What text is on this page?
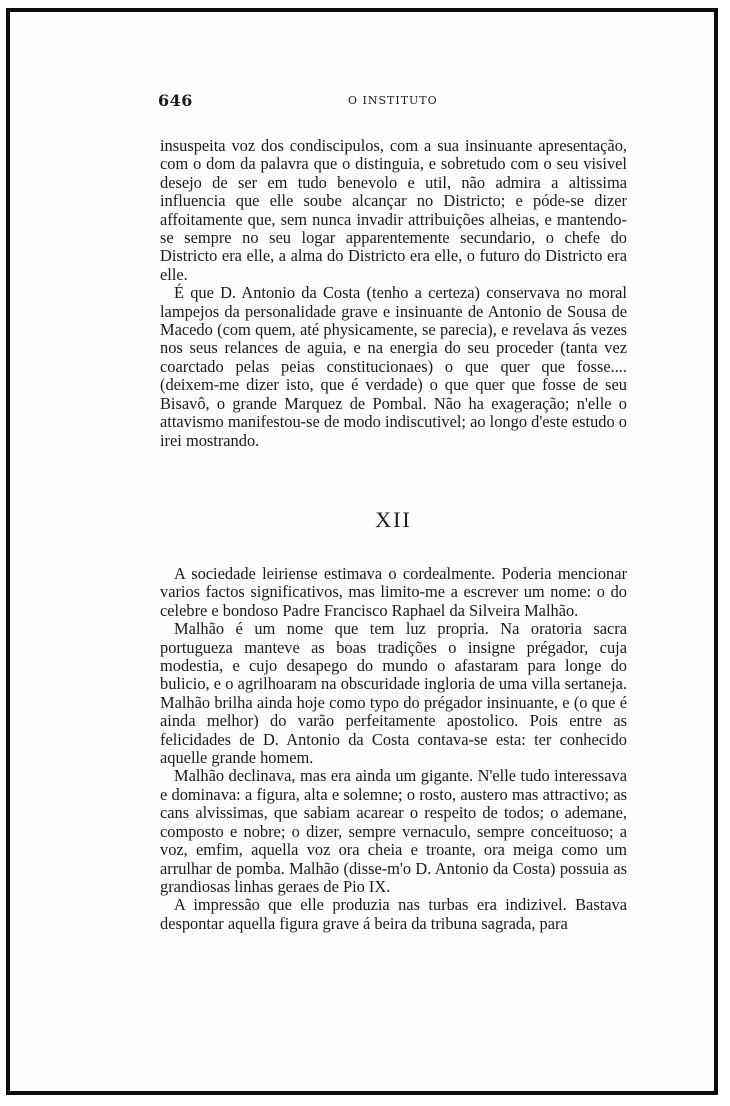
646	O INSTITUTO

insuspeita voz dos condiscipulos, com a sua insinuante apresentação, com o dom da palavra que o distinguia, e sobretudo com o seu visivel desejo de ser em tudo benevolo e util, não admira a altissima influencia que elle soube alcançar no Districto; e póde-se dizer affoitamente que, sem nunca invadir attribuições alheias, e mantendo-se sempre no seu logar apparentemente secundario, o chefe do Districto era elle, a alma do Districto era elle, o futuro do Districto era elle.

É que D. Antonio da Costa (tenho a certeza) conservava no moral lampejos da personalidade grave e insinuante de Antonio de Sousa de Macedo (com quem, até physicamente, se parecia), e revelava ás vezes nos seus relances de aguia, e na energia do seu proceder (tanta vez coarctado pelas peias constitucionaes) o que quer que fosse.... (deixem-me dizer isto, que é verdade) o que quer que fosse de seu Bisavô, o grande Marquez de Pombal. Não ha exageração; n'elle o attavismo manifestou-se de modo indiscutivel; ao longo d'este estudo o irei mostrando.

XII

A sociedade leiriense estimava o cordealmente. Poderia mencionar varios factos significativos, mas limito-me a escrever um nome: o do celebre e bondoso Padre Francisco Raphael da Silveira Malhão.

Malhão é um nome que tem luz propria. Na oratoria sacra portugueza manteve as boas tradições o insigne prégador, cuja modestia, e cujo desapego do mundo o afastaram para longe do bulicio, e o agrilhoaram na obscuridade ingloria de uma villa sertaneja. Malhão brilha ainda hoje como typo do prégador insinuante, e (o que é ainda melhor) do varão perfeitamente apostolico. Pois entre as felicidades de D. Antonio da Costa contava-se esta: ter conhecido aquelle grande homem.

Malhão declinava, mas era ainda um gigante. N'elle tudo interessava e dominava: a figura, alta e solemne; o rosto, austero mas attractivo; as cans alvissimas, que sabiam acarear o respeito de todos; o ademane, composto e nobre; o dizer, sempre vernaculo, sempre conceituoso; a voz, emfim, aquella voz ora cheia e troante, ora meiga como um arrulhar de pomba. Malhão (disse-m'o D. Antonio da Costa) possuia as grandiosas linhas geraes de Pio IX.

A impressão que elle produzia nas turbas era indizivel. Bastava despontar aquella figura grave á beira da tribuna sagrada, para
